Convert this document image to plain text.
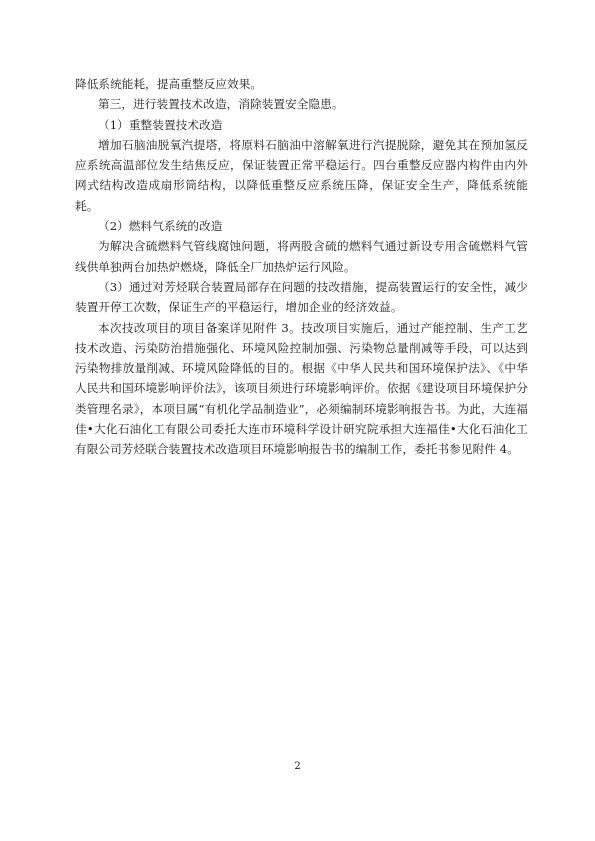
降低系统能耗，提高重整反应效果。

第三，进行装置技术改造，消除装置安全隐患。

（1）重整装置技术改造

增加石脑油脱氧汽提塔，将原料石脑油中溶解氧进行汽提脱除，避免其在预加氢反应系统高温部位发生结焦反应，保证装置正常平稳运行。四台重整反应器内构件由内外网式结构改造成扇形筒结构，以降低重整反应系统压降，保证安全生产，降低系统能耗。

（2）燃料气系统的改造

为解决含硫燃料气管线腐蚀问题，将两股含硫的燃料气通过新设专用含硫燃料气管线供单独两台加热炉燃烧，降低全厂加热炉运行风险。

（3）通过对芳烃联合装置局部存在问题的技改措施，提高装置运行的安全性，减少装置开停工次数，保证生产的平稳运行，增加企业的经济效益。

本次技改项目的项目备案详见附件 3。技改项目实施后，通过产能控制、生产工艺技术改造、污染防治措施强化、环境风险控制加强、污染物总量削减等手段，可以达到污染物排放量削减、环境风险降低的目的。根据《中华人民共和国环境保护法》、《中华人民共和国环境影响评价法》，该项目须进行环境影响评价。依据《建设项目环境保护分类管理名录》，本项目属“有机化学品制造业”，必须编制环境影响报告书。为此，大连福佳•大化石油化工有限公司委托大连市环境科学设计研究院承担大连福佳•大化石油化工有限公司芳烃联合装置技术改造项目环境影响报告书的编制工作，委托书参见附件 4。

2
